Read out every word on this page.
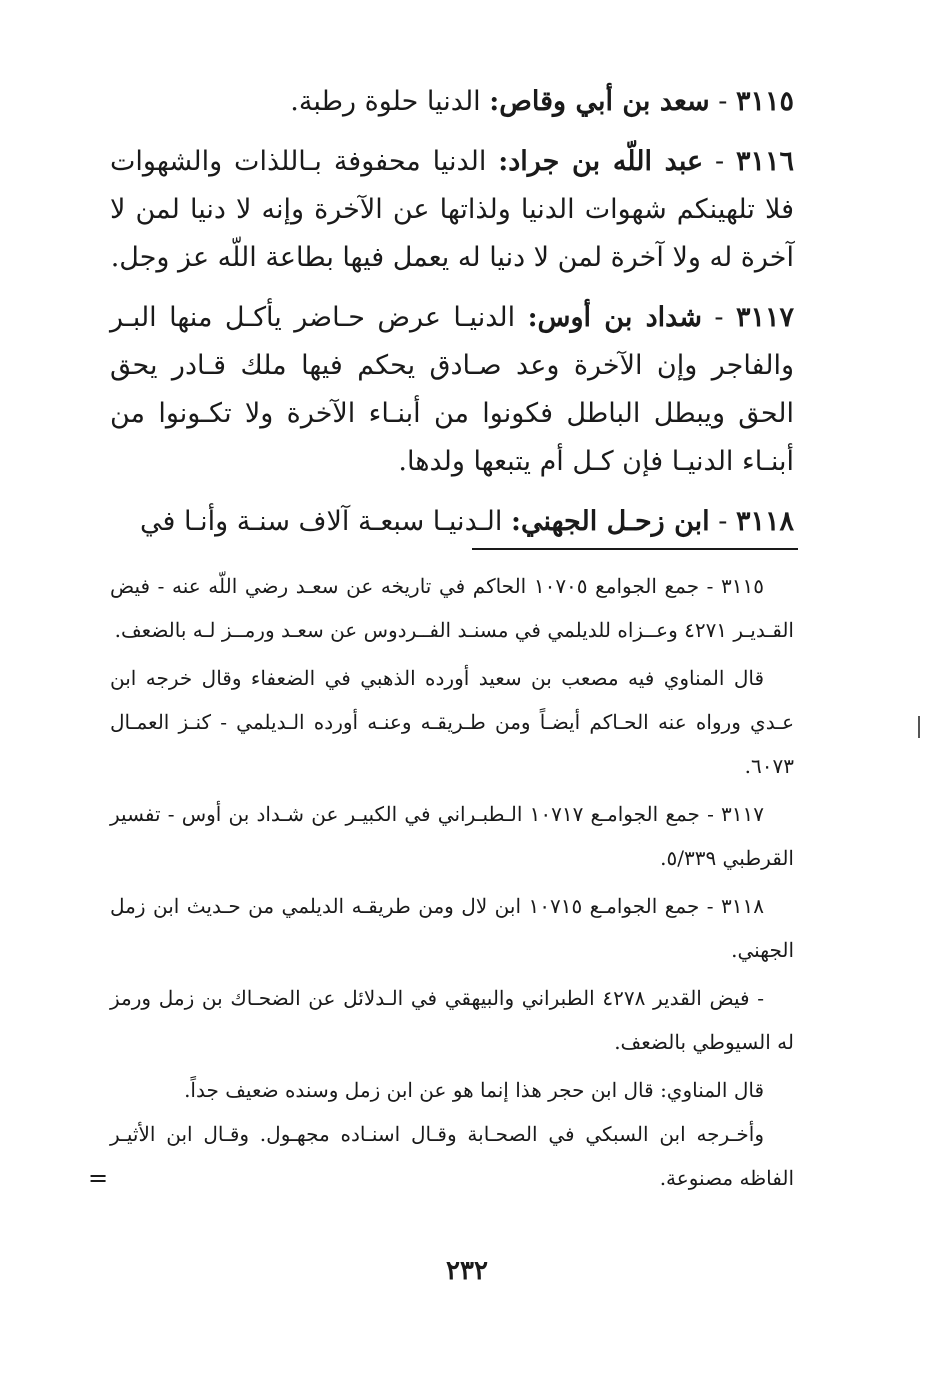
٣١١٥ - سعد بن أبي وقاص: الدنيا حلوة رطبة.

٣١١٦ - عبد اللّه بن جراد: الدنيا محفوفة بـاللذات والشهوات فلا تلهينكم شهوات الدنيا ولذاتها عن الآخرة وإنه لا دنيا لمن لا آخرة له ولا آخرة لمن لا دنيا له يعمل فيها بطاعة اللّه عز وجل.

٣١١٧ - شداد بن أوس: الدنيـا عرض حـاضر يأكـل منها البـر والفاجر وإن الآخرة وعد صـادق يحكم فيها ملك قـادر يحق الحق ويبطل الباطل فكونوا من أبنـاء الآخرة ولا تكـونوا من أبنـاء الدنيـا فإن كـل أم يتبعها ولدها.

٣١١٨ - ابن زحـل الجهني: الـدنيـا سبعـة آلاف سنـة وأنـا في

٣١١٥ - جمع الجوامع ١٠٧٠٥ الحاكم في تاريخه عن سعـد رضي اللّه عنه - فيض القـديـر ٤٢٧١ وعــزاه للديلمي في مسنـد الفــردوس عن سعـد ورمــز لـه بالضعف.

قال المناوي فيه مصعب بن سعيد أورده الذهبي في الضعفاء وقال خرجه ابن عـدي ورواه عنه الحـاكم أيضـاً ومن طـريقـه وعنـه أورده الـديلمي - كنـز العمـال ٦٠٧٣.

٣١١٧ - جمع الجوامـع ١٠٧١٧ الـطبـراني في الكبيـر عن شـداد بن أوس - تفسير القرطبي ٥/٣٣٩.

٣١١٨ - جمع الجوامـع ١٠٧١٥ ابن لال ومن طريقـه الديلمي من حـديث ابن زمل الجهني.

- فيض القدير ٤٢٧٨ الطبراني والبيهقي في الـدلائل عن الضحـاك بن زمل ورمز له السيوطي بالضعف.

قال المناوي: قال ابن حجر هذا إنما هو عن ابن زمل وسنده ضعيف جداً.

وأخـرجه ابن السبكي في الصحـابة وقـال اسنـاده مجهـول. وقـال ابن الأثيـر الفاظه مصنوعة.

=
٢٣٢
